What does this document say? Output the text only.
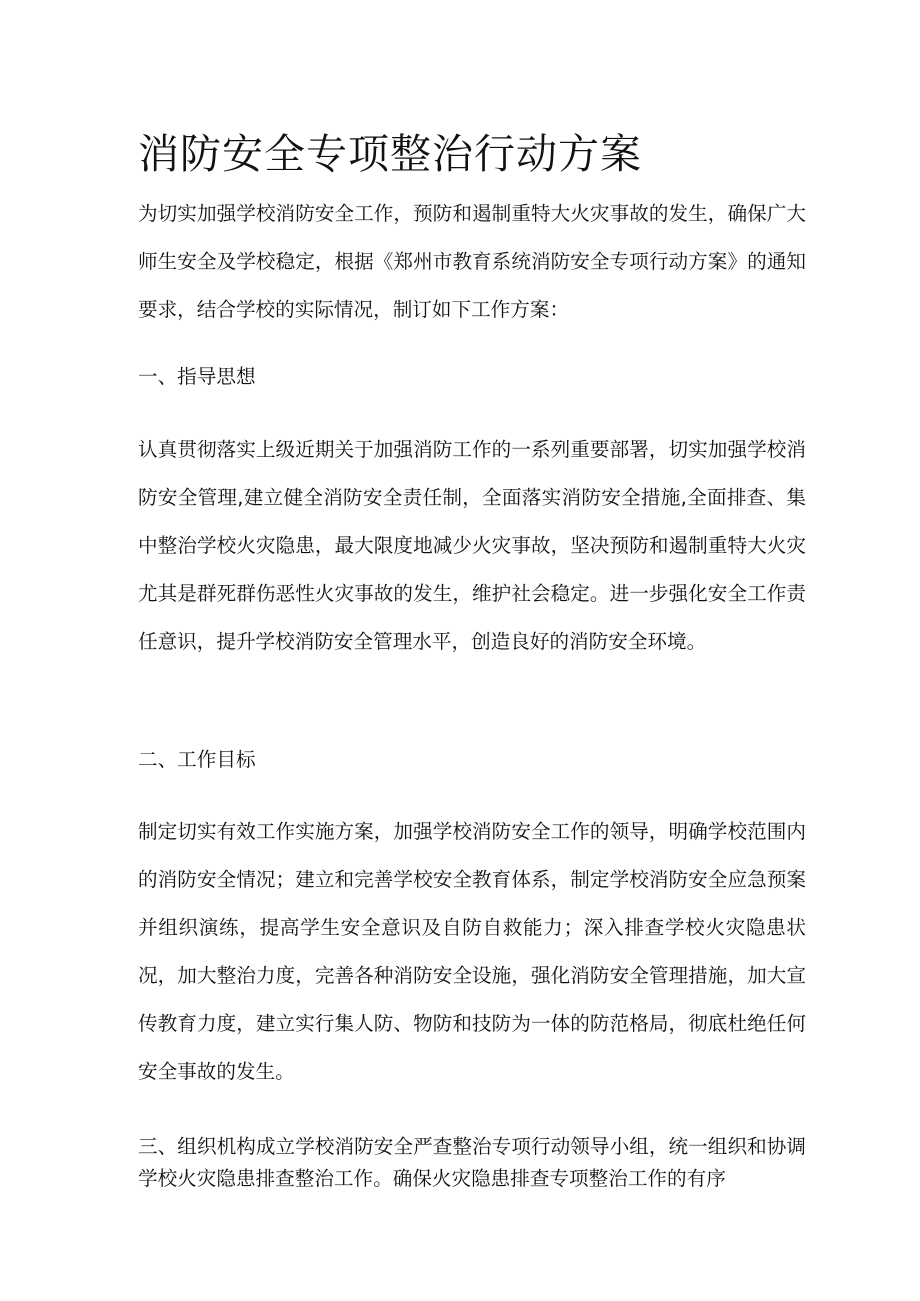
消防安全专项整治行动方案

为切实加强学校消防安全工作，预防和遏制重特大火灾事故的发生，确保广大师生安全及学校稳定，根据《郑州市教育系统消防安全专项行动方案》的通知要求，结合学校的实际情况，制订如下工作方案：

一、指导思想

认真贯彻落实上级近期关于加强消防工作的一系列重要部署，切实加强学校消防安全管理,建立健全消防安全责任制，全面落实消防安全措施,全面排查、集中整治学校火灾隐患，最大限度地减少火灾事故，坚决预防和遏制重特大火灾尤其是群死群伤恶性火灾事故的发生，维护社会稳定。进一步强化安全工作责任意识，提升学校消防安全管理水平，创造良好的消防安全环境。

二、工作目标

制定切实有效工作实施方案，加强学校消防安全工作的领导，明确学校范围内的消防安全情况；建立和完善学校安全教育体系，制定学校消防安全应急预案并组织演练，提高学生安全意识及自防自救能力；深入排查学校火灾隐患状况，加大整治力度，完善各种消防安全设施，强化消防安全管理措施，加大宣传教育力度，建立实行集人防、物防和技防为一体的防范格局，彻底杜绝任何安全事故的发生。

三、组织机构成立学校消防安全严查整治专项行动领导小组，统一组织和协调学校火灾隐患排查整治工作。确保火灾隐患排查专项整治工作的有序
